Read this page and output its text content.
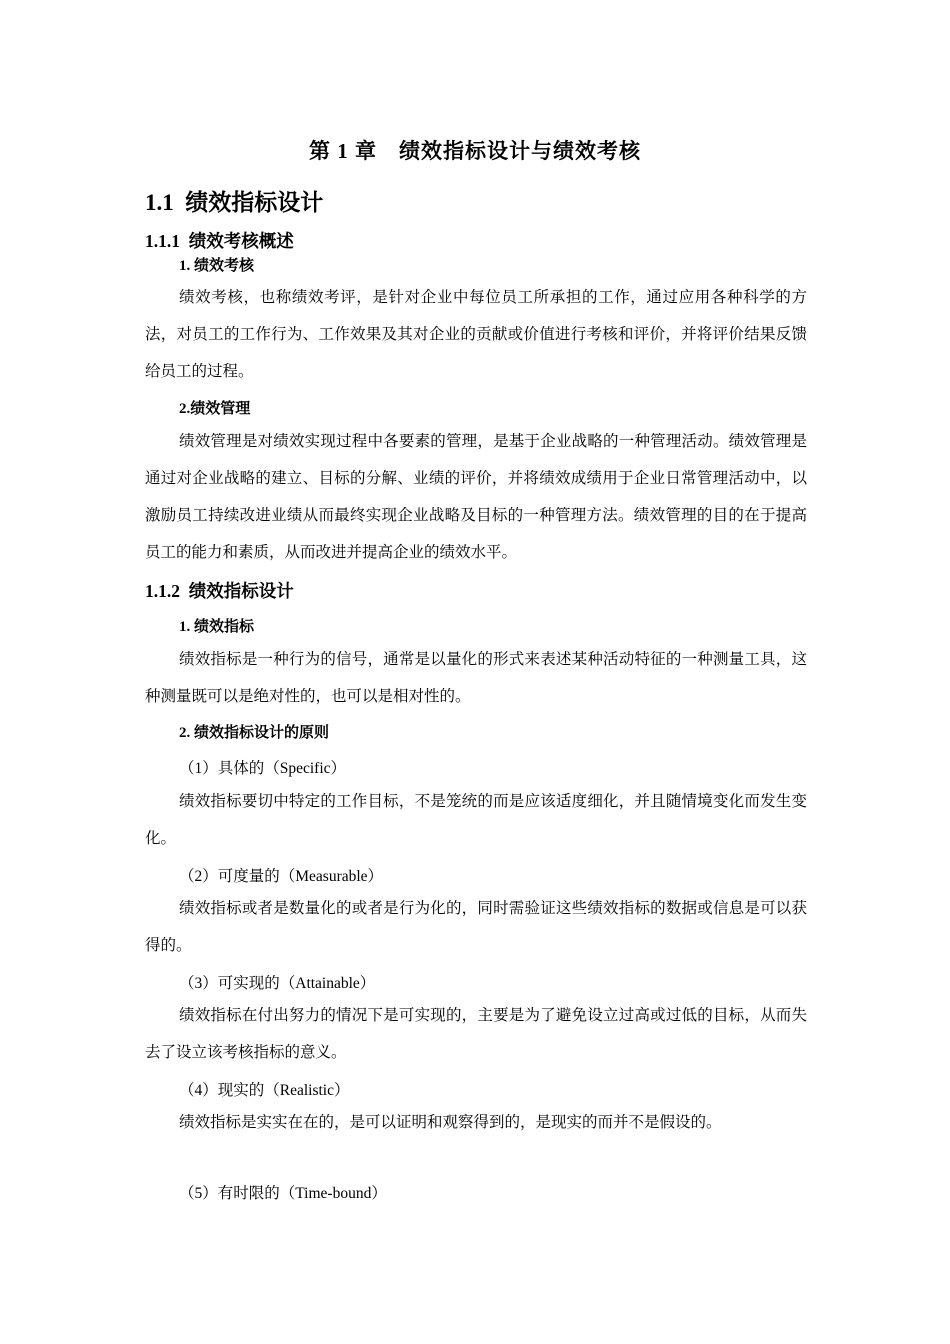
第 1 章　绩效指标设计与绩效考核
1.1  绩效指标设计
1.1.1  绩效考核概述
1. 绩效考核

绩效考核，也称绩效考评，是针对企业中每位员工所承担的工作，通过应用各种科学的方法，对员工的工作行为、工作效果及其对企业的贡献或价值进行考核和评价，并将评价结果反馈给员工的过程。

2.绩效管理

绩效管理是对绩效实现过程中各要素的管理，是基于企业战略的一种管理活动。绩效管理是通过对企业战略的建立、目标的分解、业绩的评价，并将绩效成绩用于企业日常管理活动中，以激励员工持续改进业绩从而最终实现企业战略及目标的一种管理方法。绩效管理的目的在于提高员工的能力和素质，从而改进并提高企业的绩效水平。

1.1.2  绩效指标设计
1. 绩效指标

绩效指标是一种行为的信号，通常是以量化的形式来表述某种活动特征的一种测量工具，这种测量既可以是绝对性的，也可以是相对性的。

2. 绩效指标设计的原则
（1）具体的（Specific）

绩效指标要切中特定的工作目标，不是笼统的而是应该适度细化，并且随情境变化而发生变化。

（2）可度量的（Measurable）

绩效指标或者是数量化的或者是行为化的，同时需验证这些绩效指标的数据或信息是可以获得的。

（3）可实现的（Attainable）

绩效指标在付出努力的情况下是可实现的，主要是为了避免设立过高或过低的目标，从而失去了设立该考核指标的意义。

（4）现实的（Realistic）

绩效指标是实实在在的，是可以证明和观察得到的，是现实的而并不是假设的。

（5）有时限的（Time-bound）
